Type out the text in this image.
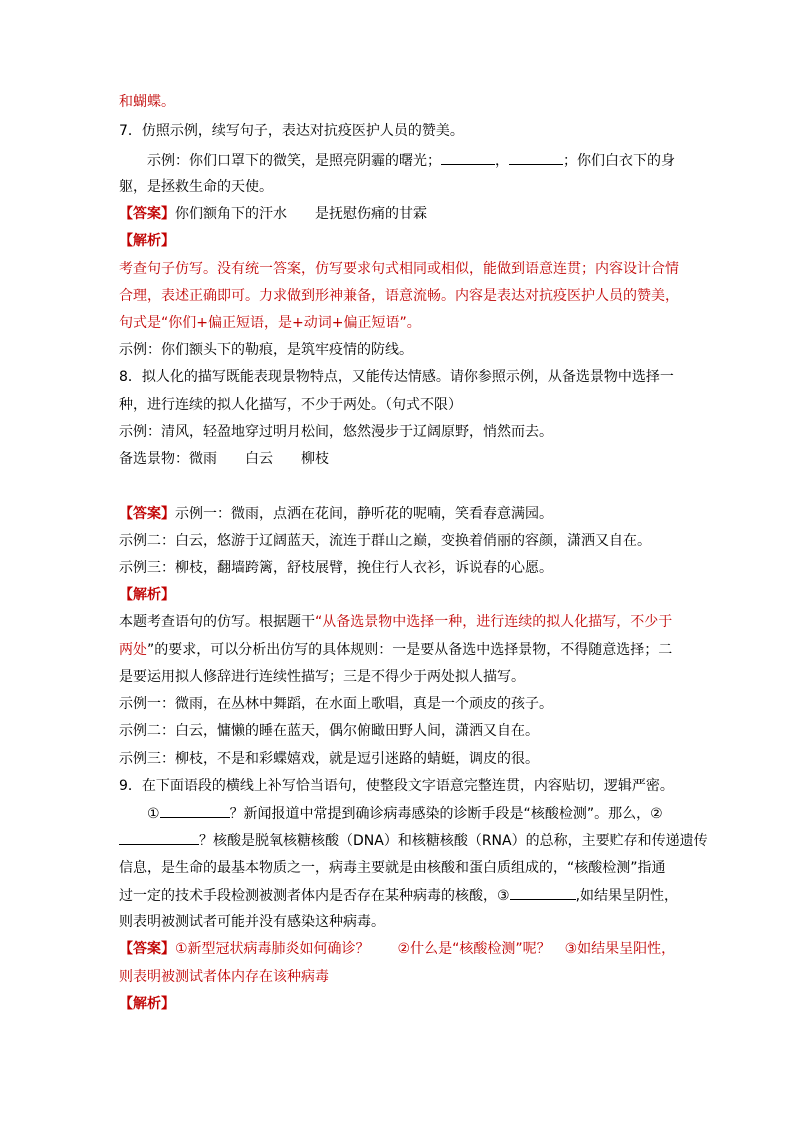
和蝴蝶。
7．仿照示例，续写句子，表达对抗疫医护人员的赞美。
示例：你们口罩下的微笑，是照亮阴霾的曙光；	，	；你们白衣下的身
躯，是拯救生命的天使。
【答案】你们额角下的汗水　　是抚慰伤痛的甘霖
【解析】
考查句子仿写。没有统一答案，仿写要求句式相同或相似，能做到语意连贯；内容设计合情
合理，表述正确即可。力求做到形神兼备，语意流畅。内容是表达对抗疫医护人员的赞美，
句式是“你们+偏正短语，是+动词+偏正短语”。
示例：你们额头下的勒痕，是筑牢疫情的防线。
8．拟人化的描写既能表现景物特点，又能传达情感。请你参照示例，从备选景物中选择一
种，进行连续的拟人化描写，不少于两处。（句式不限）
示例：清风，轻盈地穿过明月松间，悠然漫步于辽阔原野，悄然而去。
备选景物：微雨　　白云　　柳枝
【答案】示例一：微雨，点洒在花间，静听花的呢喃，笑看春意满园。
示例二：白云，悠游于辽阔蓝天，流连于群山之巅，变换着俏丽的容颜，潇洒又自在。
示例三：柳枝，翻墙跨篱，舒枝展臂，挽住行人衣衫，诉说春的心愿。
【解析】
本题考查语句的仿写。根据题干“从备选景物中选择一种，进行连续的拟人化描写，不少于
两处”的要求，可以分析出仿写的具体规则：一是要从备选中选择景物，不得随意选择；二
是要运用拟人修辞进行连续性描写；三是不得少于两处拟人描写。
示例一：微雨，在丛林中舞蹈，在水面上歌唱，真是一个顽皮的孩子。
示例二：白云，慵懒的睡在蓝天，偶尔俯瞰田野人间，潇洒又自在。
示例三：柳枝，不是和彩蝶嬉戏，就是逗引迷路的蜻蜓，调皮的很。
9．在下面语段的横线上补写恰当语句，使整段文字语意完整连贯，内容贴切，逻辑严密。
①	？新闻报道中常提到确诊病毒感染的诊断手段是“核酸检测”。那么，②
？核酸是脱氧核糖核酸（DNA）和核糖核酸（RNA）的总称，主要贮存和传递遗传
信息，是生命的最基本物质之一，病毒主要就是由核酸和蛋白质组成的，“核酸检测”指通
过一定的技术手段检测被测者体内是否存在某种病毒的核酸，③	,如结果呈阴性，
则表明被测试者可能并没有感染这种病毒。
【答案】①新型冠状病毒肺炎如何确诊？　　②什么是“核酸检测”呢？　③如结果呈阳性，
则表明被测试者体内存在该种病毒
【解析】
